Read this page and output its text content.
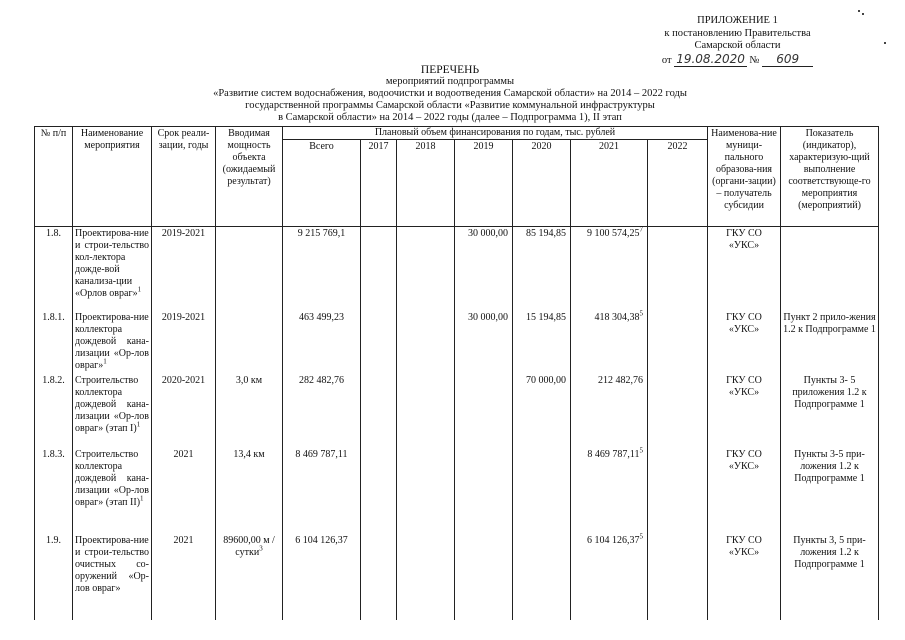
ПРИЛОЖЕНИЕ 1
к постановлению Правительства
Самарской области
от 19.08.2020 № 609
ПЕРЕЧЕНЬ
мероприятий подпрограммы
«Развитие систем водоснабжения, водоочистки и водоотведения Самарской области» на 2014 – 2022 годы
государственной программы Самарской области «Развитие коммунальной инфраструктуры
в Самарской области» на 2014 – 2022 годы (далее – Подпрограмма 1), II этап
№ п/п	Наименование мероприятия	Срок реали-зации, годы	Вводимая мощность объекта (ожидаемый результат)	Плановый объем финансирования по годам, тыс. рублей							Наименова-ние муници-пального образова-ния (органи-зации) – получатель субсидии	Показатель (индикатор), характеризую-щий выполнение соответствующе-го мероприятия (мероприятий)
				Всего	2017	2018	2019	2020	2021	2022		
1.8.	Проектирова-ние и строи-тельство кол-лектора дожде-вой канализа-ции «Орлов овраг»$^1$	2019-2021		9 215 769,1			30 000,00	85 194,85	9 100 574,25$^7$		ГКУ СО «УКС»	
1.8.1.	Проектирова-ние коллектора дождевой кана-лизации «Ор-лов овраг»$^1$	2019-2021		463 499,23			30 000,00	15 194,85	418 304,38$^5$		ГКУ СО «УКС»	Пункт 2 прило-жения 1.2 к Подпрограмме 1
1.8.2.	Строительство коллектора дождевой кана-лизации «Ор-лов овраг» (этап I)$^1$	2020-2021	3,0 км	282 482,76				70 000,00	212 482,76		ГКУ СО «УКС»	Пункты 3- 5 приложения 1.2 к Подпрограмме 1
1.8.3.	Строительство коллектора дождевой кана-лизации «Ор-лов овраг» (этап II)$^1$	2021	13,4 км	8 469 787,11					8 469 787,11$^5$		ГКУ СО «УКС»	Пункты 3-5 при-ложения 1.2 к Подпрограмме 1
1.9.	Проектирова-ние и строи-тельство очистных со-оружений «Ор-лов овраг»	2021	89600,00 м /сутки$^3$	6 104 126,37					6 104 126,37$^5$		ГКУ СО «УКС»	Пункты 3, 5 при-ложения 1.2 к Подпрограмме 1
